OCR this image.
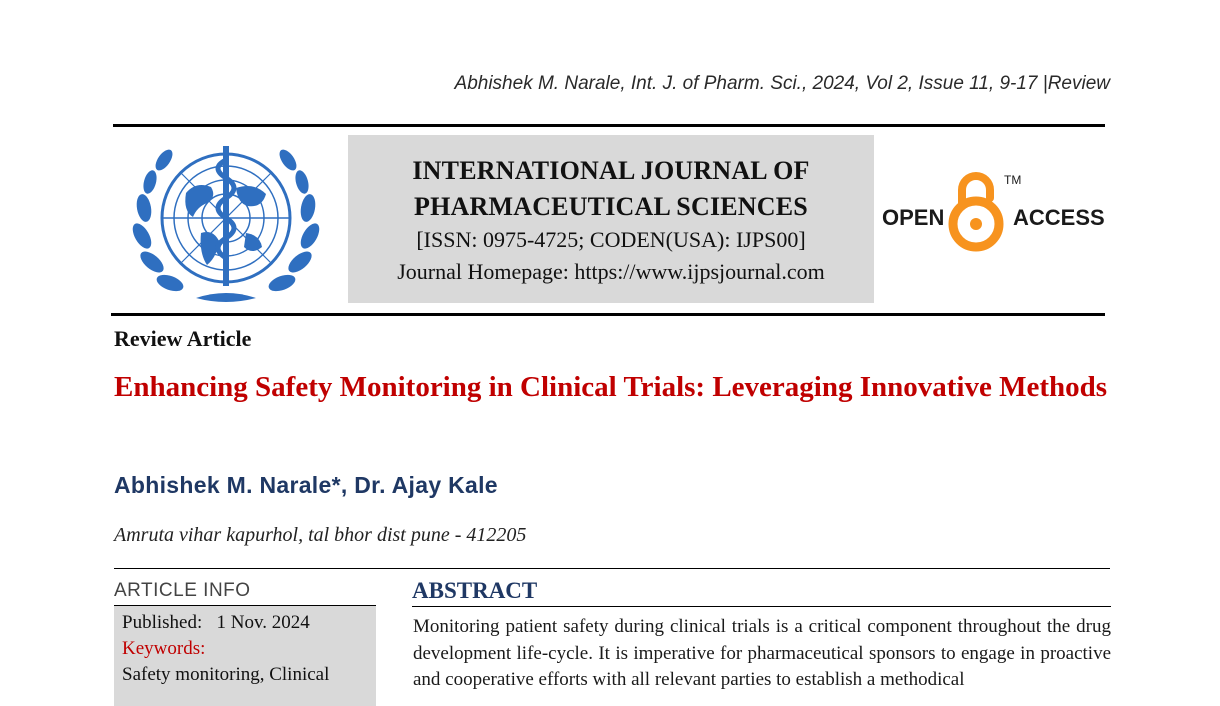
Abhishek M. Narale, Int. J. of Pharm. Sci., 2024, Vol 2, Issue 11, 9-17 |Review
INTERNATIONAL JOURNAL OF
PHARMACEUTICAL SCIENCES
[ISSN: 0975-4725; CODEN(USA): IJPS00]
Journal Homepage: https://www.ijpsjournal.com
OPEN
TM
ACCESS
Review Article
Enhancing Safety Monitoring in Clinical Trials: Leveraging Innovative Methods
Abhishek M. Narale*, Dr. Ajay Kale
Amruta vihar kapurhol, tal bhor dist pune - 412205
ARTICLE INFO
Published: 1 Nov. 2024
Keywords:
Safety monitoring, Clinical
ABSTRACT
Monitoring patient safety during clinical trials is a critical component throughout the drug development life-cycle. It is imperative for pharmaceutical sponsors to engage in proactive and cooperative efforts with all relevant parties to establish a methodical
